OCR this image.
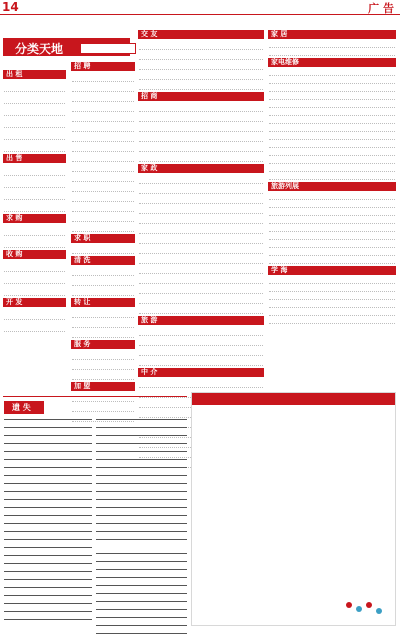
14	广 告
分类天地
出 租
出 售
求 购
收 购
开 发
招 聘
求 职
清 洗
转 让
服 务
加 盟
交 友
招 商
家 政
旅 游
中 介
家 居
家电维修
旅游列展
学 海
遗 失
